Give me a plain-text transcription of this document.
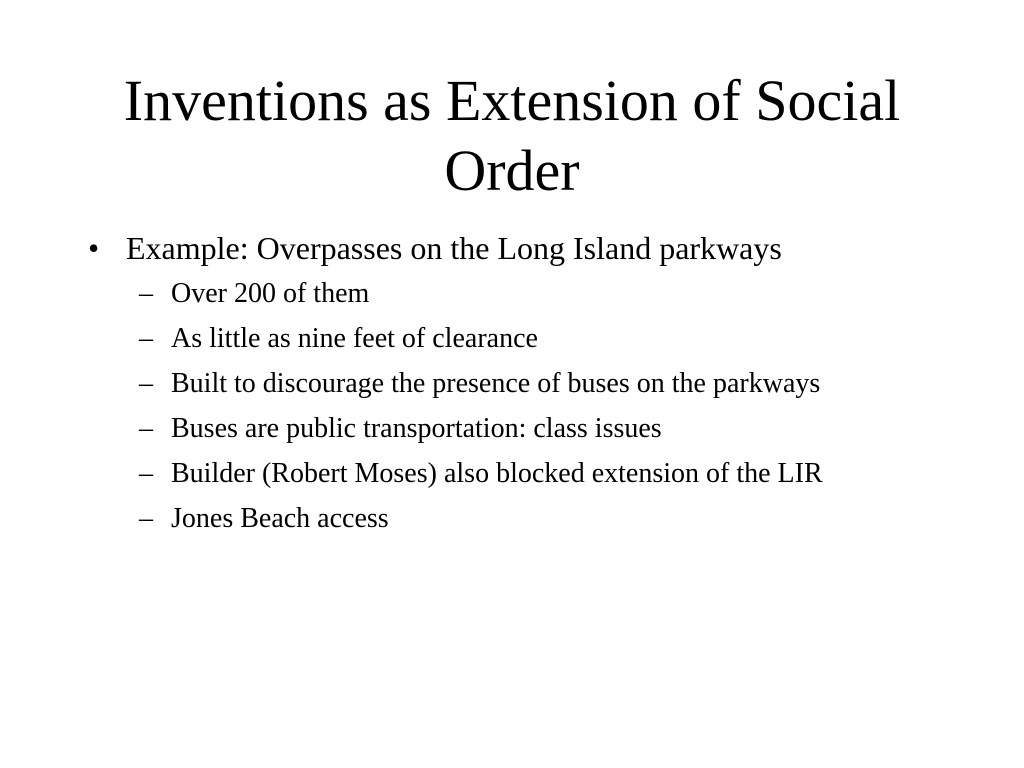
Inventions as Extension of Social Order
• Example: Overpasses on the Long Island parkways
– Over 200 of them
– As little as nine feet of clearance
– Built to discourage the presence of buses on the parkways
– Buses are public transportation: class issues
– Builder (Robert Moses) also blocked extension of the LIR
– Jones Beach access
